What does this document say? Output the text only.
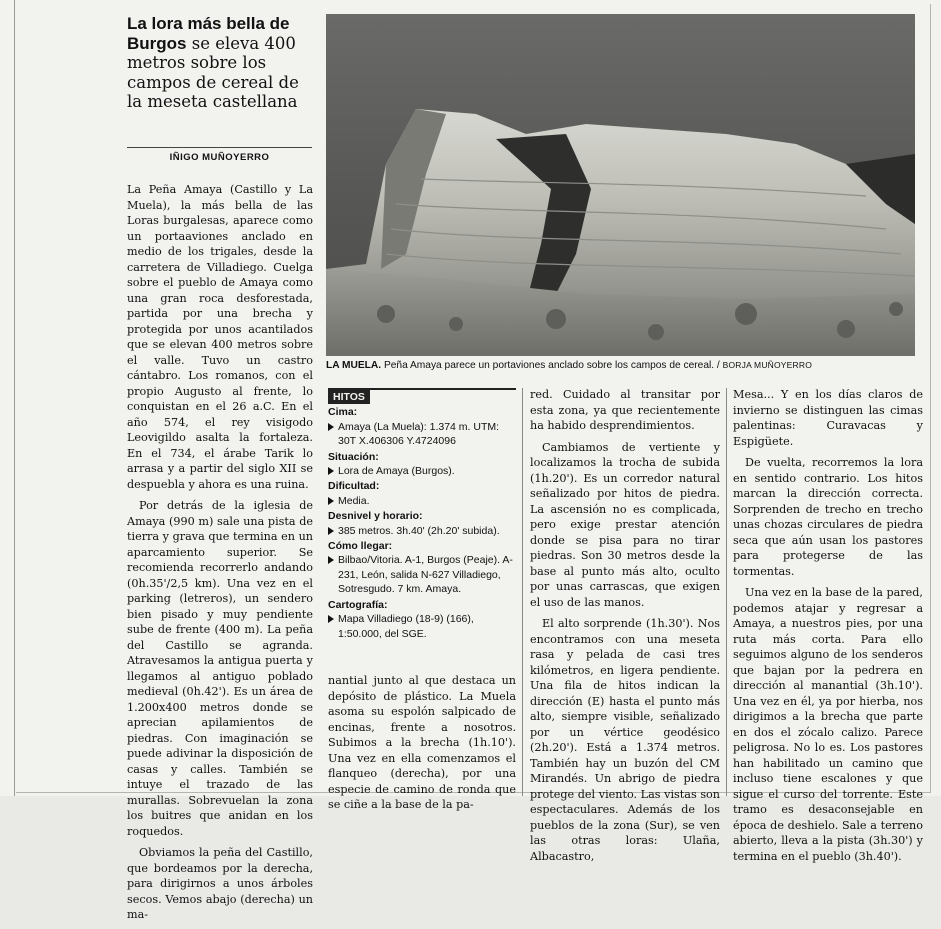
La lora más bella de Burgos se eleva 400 metros sobre los campos de cereal de la meseta castellana
IÑIGO MUÑOYERRO

La Peña Amaya (Castillo y La Muela), la más bella de las Loras burgalesas, aparece como un portaaviones anclado en medio de los trigales, desde la carretera de Villadiego. Cuelga sobre el pueblo de Amaya como una gran roca desforestada, partida por una brecha y protegida por unos acantilados que se elevan 400 metros sobre el valle. Tuvo un castro cántabro. Los romanos, con el propio Augusto al frente, lo conquistan en el 26 a.C. En el año 574, el rey visigodo Leovigildo asalta la fortaleza. En el 734, el árabe Tarik lo arrasa y a partir del siglo XII se despuebla y ahora es una ruina.

Por detrás de la iglesia de Amaya (990 m) sale una pista de tierra y grava que termina en un aparcamiento superior. Se recomienda recorrerlo andando (0h.35'/2,5 km). Una vez en el parking (letreros), un sendero bien pisado y muy pendiente sube de frente (400 m). La peña del Castillo se agranda. Atravesamos la antigua puerta y llegamos al antiguo poblado medieval (0h.42'). Es un área de 1.200x400 metros donde se aprecian apilamientos de piedras. Con imaginación se puede adivinar la disposición de casas y calles. También se intuye el trazado de las murallas. Sobrevuelan la zona los buitres que anidan en los roquedos.

Obviamos la peña del Castillo, que bordeamos por la derecha, para dirigirnos a unos árboles secos. Vemos abajo (derecha) un ma-

LA MUELA. Peña Amaya parece un portaviones anclado sobre los campos de cereal. / BORJA MUÑOYERRO
HITOS
Cima:
Amaya (La Muela): 1.374 m. UTM: 30T X.406306 Y.4724096
Situación:
Lora de Amaya (Burgos).
Dificultad:
Media.
Desnivel y horario:
385 metros. 3h.40' (2h.20' subida).
Cómo llegar:
Bilbao/Vitoria. A-1, Burgos (Peaje). A-231, León, salida N-627 Villadiego, Sotresgudo. 7 km. Amaya.
Cartografía:
Mapa Villadiego (18-9) (166), 1:50.000, del SGE.

nantial junto al que destaca un depósito de plástico. La Muela asoma su espolón salpicado de encinas, frente a nosotros. Subimos a la brecha (1h.10'). Una vez en ella comenzamos el flanqueo (derecha), por una especie de camino de ronda que se ciñe a la base de la pa-

red. Cuidado al transitar por esta zona, ya que recientemente ha habido desprendimientos.

Cambiamos de vertiente y localizamos la trocha de subida (1h.20'). Es un corredor natural señalizado por hitos de piedra. La ascensión no es complicada, pero exige prestar atención donde se pisa para no tirar piedras. Son 30 metros desde la base al punto más alto, oculto por unas carrascas, que exigen el uso de las manos.

El alto sorprende (1h.30'). Nos encontramos con una meseta rasa y pelada de casi tres kilómetros, en ligera pendiente. Una fila de hitos indican la dirección (E) hasta el punto más alto, siempre visible, señalizado por un vértice geodésico (2h.20'). Está a 1.374 metros. También hay un buzón del CM Mirandés. Un abrigo de piedra protege del viento. Las vistas son espectaculares. Además de los pueblos de la zona (Sur), se ven las otras loras: Ulaña, Albacastro,

Mesa... Y en los días claros de invierno se distinguen las cimas palentinas: Curavacas y Espigüete.

De vuelta, recorremos la lora en sentido contrario. Los hitos marcan la dirección correcta. Sorprenden de trecho en trecho unas chozas circulares de piedra seca que aún usan los pastores para protegerse de las tormentas.

Una vez en la base de la pared, podemos atajar y regresar a Amaya, a nuestros pies, por una ruta más corta. Para ello seguimos alguno de los senderos que bajan por la pedrera en dirección al manantial (3h.10'). Una vez en él, ya por hierba, nos dirigimos a la brecha que parte en dos el zócalo calizo. Parece peligrosa. No lo es. Los pastores han habilitado un camino que incluso tiene escalones y que sigue el curso del torrente. Este tramo es desaconsejable en época de deshielo. Sale a terreno abierto, lleva a la pista (3h.30') y termina en el pueblo (3h.40').
